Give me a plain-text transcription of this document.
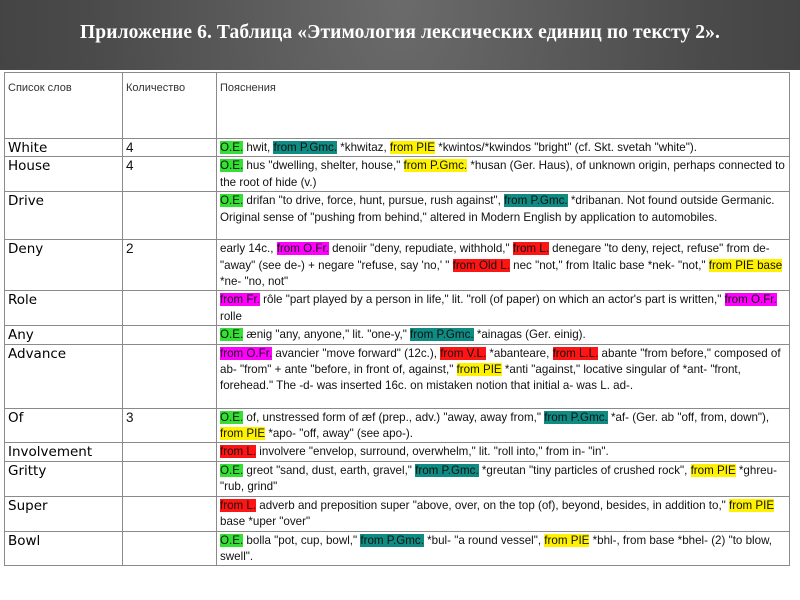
Приложение 6. Таблица «Этимология лексических единиц по тексту 2».
Список слов	Количество	Пояснения
White	4	O.E. hwit, from P.Gmc. *khwitaz, from PIE *kwintos/*kwindos "bright" (cf. Skt. svetah "white").
House	4	O.E. hus "dwelling, shelter, house," from P.Gmc. *husan (Ger. Haus), of unknown origin, perhaps connected to the root of hide (v.)
Drive		O.E. drifan "to drive, force, hunt, pursue, rush against", from P.Gmc. *dribanan. Not found outside Germanic. Original sense of "pushing from behind," altered in Modern English by application to automobiles.
Deny	2	early 14c., from O.Fr. denoiir "deny, repudiate, withhold," from L. denegare "to deny, reject, refuse" from de- "away" (see de-) + negare "refuse, say 'no,' " from Old L. nec "not," from Italic base *nek- "not," from PIE base *ne- "no, not"
Role		from Fr. rôle "part played by a person in life," lit. "roll (of paper) on which an actor's part is written," from O.Fr. rolle
Any		O.E. ænig "any, anyone," lit. "one-y," from P.Gmc. *ainagas (Ger. einig).
Advance		from O.Fr. avancier "move forward" (12c.), from V.L. *abanteare, from L.L. abante "from before," composed of ab- "from" + ante "before, in front of, against," from PIE *anti "against," locative singular of *ant- "front, forehead." The -d- was inserted 16c. on mistaken notion that initial a- was L. ad-.
Of	3	O.E. of, unstressed form of æf (prep., adv.) "away, away from," from P.Gmc. *af- (Ger. ab "off, from, down"), from PIE *apo- "off, away" (see apo-).
Involvement		from L. involvere "envelop, surround, overwhelm," lit. "roll into," from in- "in".
Gritty		O.E. greot "sand, dust, earth, gravel," from P.Gmc. *greutan "tiny particles of crushed rock", from PIE *ghreu- "rub, grind"
Super		from L. adverb and preposition super "above, over, on the top (of), beyond, besides, in addition to," from PIE base *uper "over"
Bowl		O.E. bolla "pot, cup, bowl," from P.Gmc. *bul- "a round vessel", from PIE *bhl-, from base *bhel- (2) "to blow, swell".
